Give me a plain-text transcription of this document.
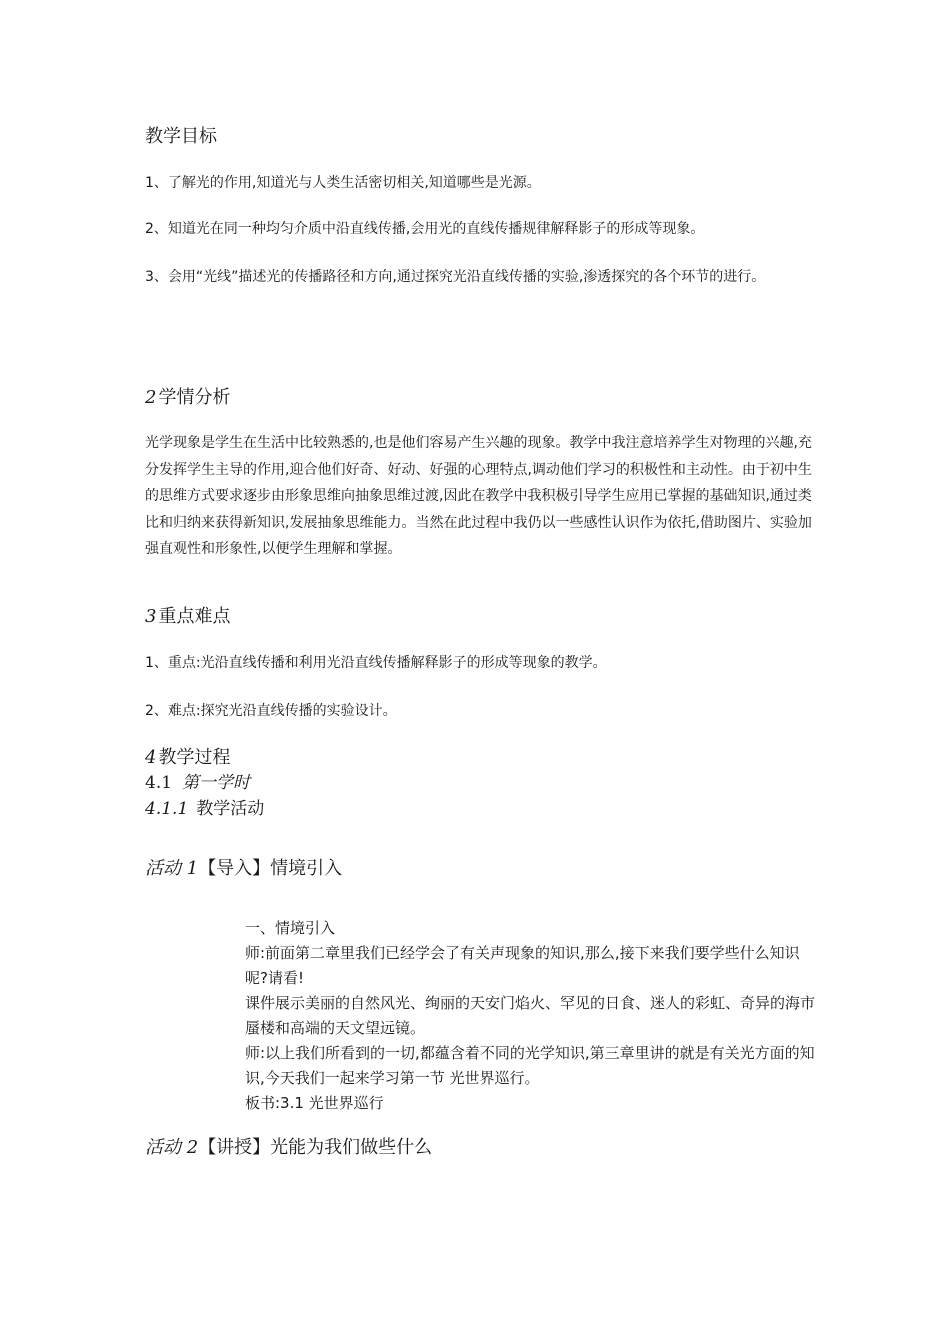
教学目标

1、了解光的作用,知道光与人类生活密切相关,知道哪些是光源。

2、知道光在同一种均匀介质中沿直线传播,会用光的直线传播规律解释影子的形成等现象。

3、会用“光线”描述光的传播路径和方向,通过探究光沿直线传播的实验,渗透探究的各个环节的进行。

2 学情分析

光学现象是学生在生活中比较熟悉的,也是他们容易产生兴趣的现象。教学中我注意培养学生对物理的兴趣,充分发挥学生主导的作用,迎合他们好奇、好动、好强的心理特点,调动他们学习的积极性和主动性。由于初中生的思维方式要求逐步由形象思维向抽象思维过渡,因此在教学中我积极引导学生应用已掌握的基础知识,通过类比和归纳来获得新知识,发展抽象思维能力。当然在此过程中我仍以一些感性认识作为依托,借助图片、实验加强直观性和形象性,以便学生理解和掌握。

3 重点难点

1、重点:光沿直线传播和利用光沿直线传播解释影子的形成等现象的教学。

2、难点:探究光沿直线传播的实验设计。

4 教学过程

4.1 第一学时

4.1.1 教学活动

活动 1【导入】情境引入

一、情境引入

师:前面第二章里我们已经学会了有关声现象的知识,那么,接下来我们要学些什么知识呢?请看!

课件展示美丽的自然风光、绚丽的天安门焰火、罕见的日食、迷人的彩虹、奇异的海市蜃楼和高端的天文望远镜。

师:以上我们所看到的一切,都蕴含着不同的光学知识,第三章里讲的就是有关光方面的知识,今天我们一起来学习第一节 光世界巡行。

板书:3.1 光世界巡行

活动 2【讲授】光能为我们做些什么
